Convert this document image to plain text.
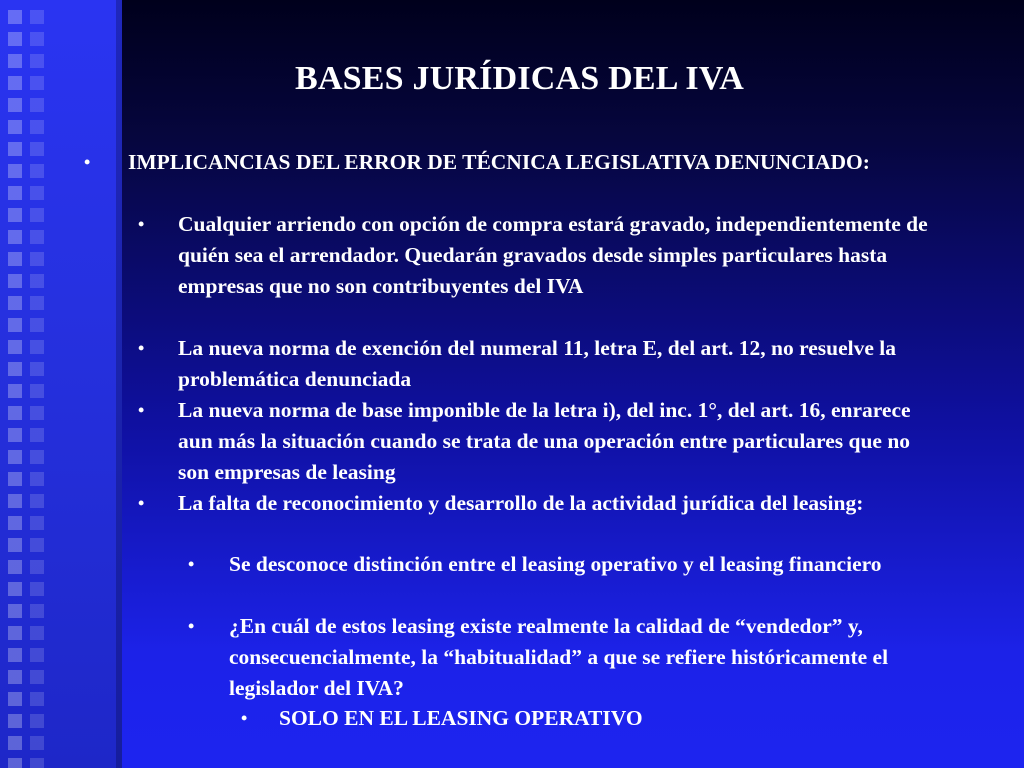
BASES JURÍDICAS DEL IVA
• IMPLICANCIAS DEL ERROR DE TÉCNICA LEGISLATIVA DENUNCIADO:

• Cualquier arriendo con opción de compra estará gravado, independientemente de quién sea el arrendador. Quedarán gravados desde simples particulares hasta empresas que no son contribuyentes del IVA

• La nueva norma de exención del numeral 11, letra E, del art. 12, no resuelve la problemática denunciada

• La nueva norma de base imponible de la letra i), del inc. 1°, del art. 16, enrarece aun más la situación cuando se trata de una operación entre particulares que no son empresas de leasing

• La falta de reconocimiento y desarrollo de la actividad jurídica del leasing:

• Se desconoce distinción entre el leasing operativo y el leasing financiero

• ¿En cuál de estos leasing existe realmente la calidad de “vendedor” y, consecuencialmente, la “habitualidad” a que se refiere históricamente el legislador del IVA?

• SOLO EN EL LEASING OPERATIVO
